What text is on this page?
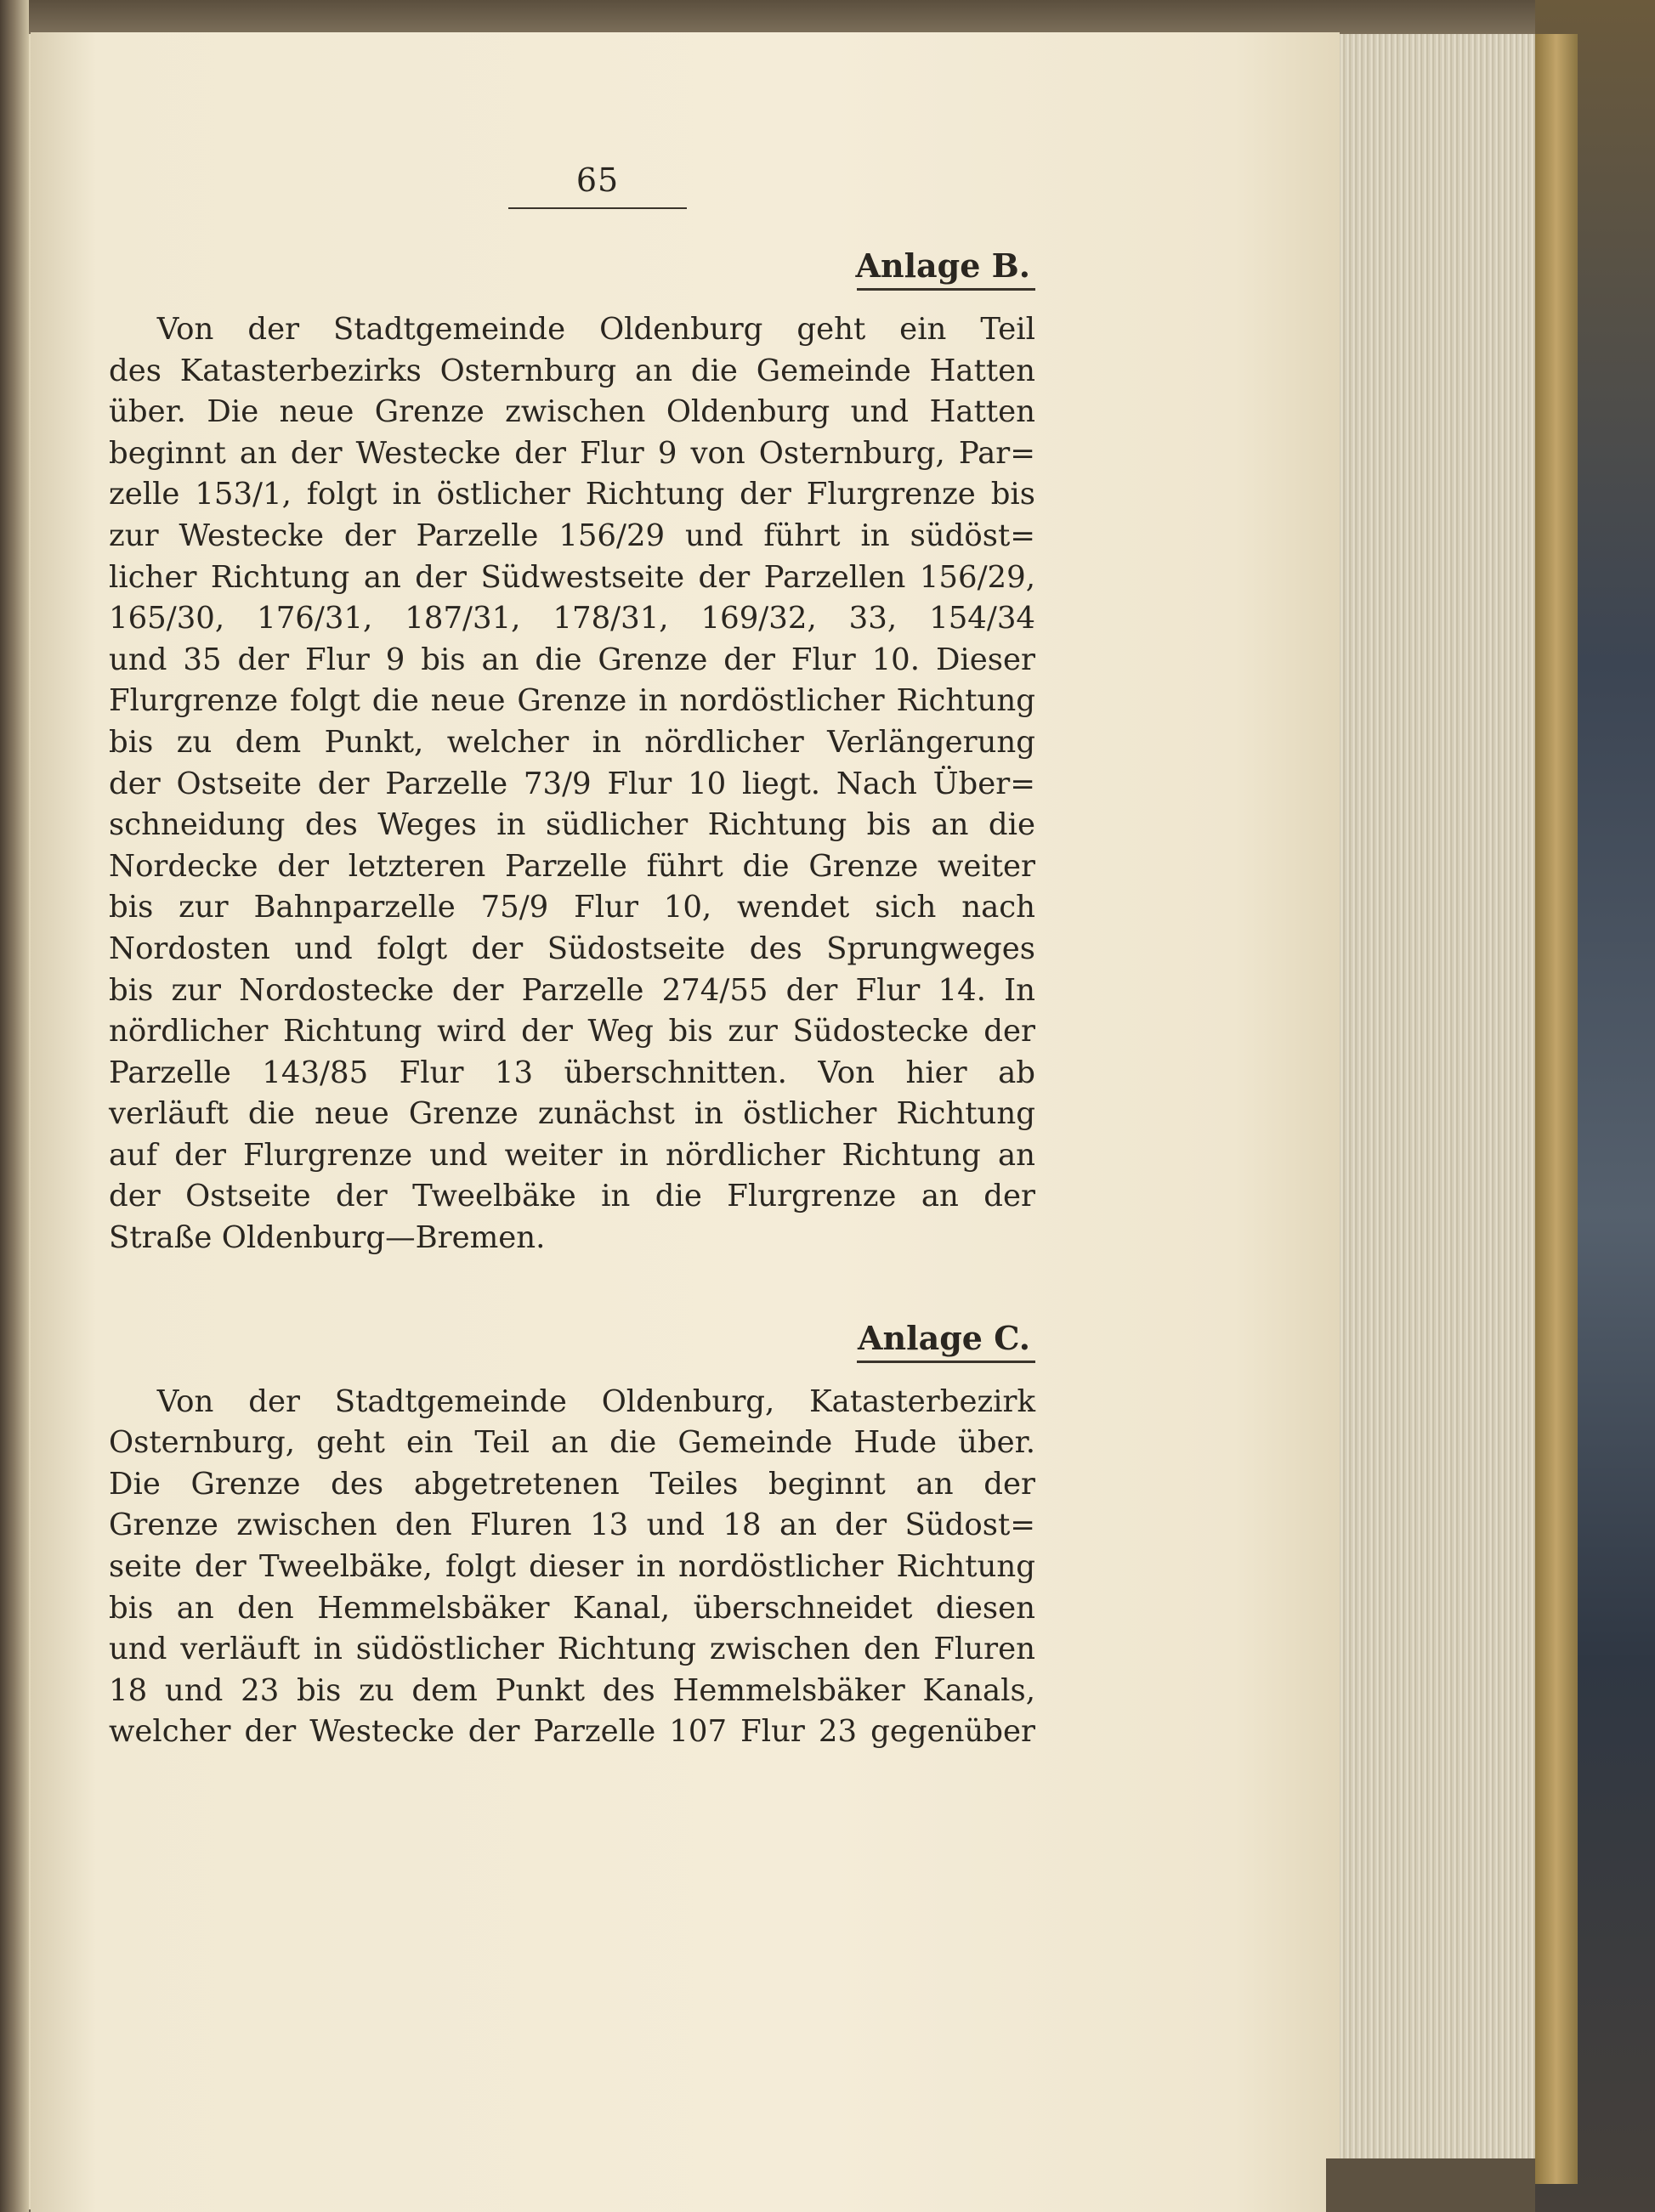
65
Anlage B.
Von der Stadtgemeinde Oldenburg geht ein Teil
des Katasterbezirks Osternburg an die Gemeinde Hatten
über. Die neue Grenze zwischen Oldenburg und Hatten
beginnt an der Westecke der Flur 9 von Osternburg, Par=
zelle 153/1, folgt in östlicher Richtung der Flurgrenze bis
zur Westecke der Parzelle 156/29 und führt in südöst=
licher Richtung an der Südwestseite der Parzellen 156/29,
165/30, 176/31, 187/31, 178/31, 169/32, 33, 154/34
und 35 der Flur 9 bis an die Grenze der Flur 10. Dieser
Flurgrenze folgt die neue Grenze in nordöstlicher Richtung
bis zu dem Punkt, welcher in nördlicher Verlängerung
der Ostseite der Parzelle 73/9 Flur 10 liegt. Nach Über=
schneidung des Weges in südlicher Richtung bis an die
Nordecke der letzteren Parzelle führt die Grenze weiter
bis zur Bahnparzelle 75/9 Flur 10, wendet sich nach
Nordosten und folgt der Südostseite des Sprungweges
bis zur Nordostecke der Parzelle 274/55 der Flur 14. In
nördlicher Richtung wird der Weg bis zur Südostecke der
Parzelle 143/85 Flur 13 überschnitten. Von hier ab
verläuft die neue Grenze zunächst in östlicher Richtung
auf der Flurgrenze und weiter in nördlicher Richtung an
der Ostseite der Tweelbäke in die Flurgrenze an der
Straße Oldenburg—Bremen.
Anlage C.
Von der Stadtgemeinde Oldenburg, Katasterbezirk
Osternburg, geht ein Teil an die Gemeinde Hude über.
Die Grenze des abgetretenen Teiles beginnt an der
Grenze zwischen den Fluren 13 und 18 an der Südost=
seite der Tweelbäke, folgt dieser in nordöstlicher Richtung
bis an den Hemmelsbäker Kanal, überschneidet diesen
und verläuft in südöstlicher Richtung zwischen den Fluren
18 und 23 bis zu dem Punkt des Hemmelsbäker Kanals,
welcher der Westecke der Parzelle 107 Flur 23 gegenüber
